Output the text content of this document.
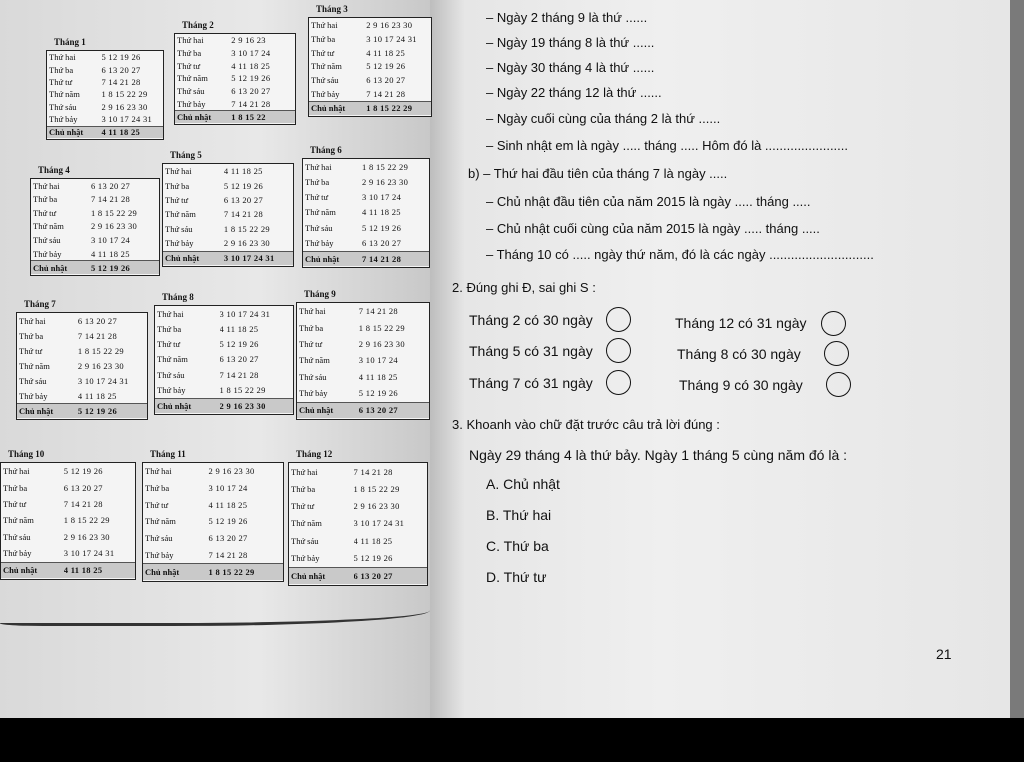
Tháng 1
Thứ hai	5 12 19 26
Thứ ba	6 13 20 27
Thứ tư	7 14 21 28
Thứ năm	1 8 15 22 29
Thứ sáu	2 9 16 23 30
Thứ bảy	3 10 17 24 31
Chủ nhật	4 11 18 25
Tháng 2
Thứ hai	2 9 16 23
Thứ ba	3 10 17 24
Thứ tư	4 11 18 25
Thứ năm	5 12 19 26
Thứ sáu	6 13 20 27
Thứ bảy	7 14 21 28
Chủ nhật	1 8 15 22
Tháng 3
Thứ hai	2 9 16 23 30
Thứ ba	3 10 17 24 31
Thứ tư	4 11 18 25
Thứ năm	5 12 19 26
Thứ sáu	6 13 20 27
Thứ bảy	7 14 21 28
Chủ nhật	1 8 15 22 29
Tháng 4
Thứ hai	6 13 20 27
Thứ ba	7 14 21 28
Thứ tư	1 8 15 22 29
Thứ năm	2 9 16 23 30
Thứ sáu	3 10 17 24
Thứ bảy	4 11 18 25
Chủ nhật	5 12 19 26
Tháng 5
Thứ hai	4 11 18 25
Thứ ba	5 12 19 26
Thứ tư	6 13 20 27
Thứ năm	7 14 21 28
Thứ sáu	1 8 15 22 29
Thứ bảy	2 9 16 23 30
Chủ nhật	3 10 17 24 31
Tháng 6
Thứ hai	1 8 15 22 29
Thứ ba	2 9 16 23 30
Thứ tư	3 10 17 24
Thứ năm	4 11 18 25
Thứ sáu	5 12 19 26
Thứ bảy	6 13 20 27
Chủ nhật	7 14 21 28
Tháng 7
Thứ hai	6 13 20 27
Thứ ba	7 14 21 28
Thứ tư	1 8 15 22 29
Thứ năm	2 9 16 23 30
Thứ sáu	3 10 17 24 31
Thứ bảy	4 11 18 25
Chủ nhật	5 12 19 26
Tháng 8
Thứ hai	3 10 17 24 31
Thứ ba	4 11 18 25
Thứ tư	5 12 19 26
Thứ năm	6 13 20 27
Thứ sáu	7 14 21 28
Thứ bảy	1 8 15 22 29
Chủ nhật	2 9 16 23 30
Tháng 9
Thứ hai	7 14 21 28
Thứ ba	1 8 15 22 29
Thứ tư	2 9 16 23 30
Thứ năm	3 10 17 24
Thứ sáu	4 11 18 25
Thứ bảy	5 12 19 26
Chủ nhật	6 13 20 27
Tháng 10
Thứ hai	5 12 19 26
Thứ ba	6 13 20 27
Thứ tư	7 14 21 28
Thứ năm	1 8 15 22 29
Thứ sáu	2 9 16 23 30
Thứ bảy	3 10 17 24 31
Chủ nhật	4 11 18 25
Tháng 11
Thứ hai	2 9 16 23 30
Thứ ba	3 10 17 24
Thứ tư	4 11 18 25
Thứ năm	5 12 19 26
Thứ sáu	6 13 20 27
Thứ bảy	7 14 21 28
Chủ nhật	1 8 15 22 29
Tháng 12
Thứ hai	7 14 21 28
Thứ ba	1 8 15 22 29
Thứ tư	2 9 16 23 30
Thứ năm	3 10 17 24 31
Thứ sáu	4 11 18 25
Thứ bảy	5 12 19 26
Chủ nhật	6 13 20 27
– Ngày 2 tháng 9 là thứ ......
– Ngày 19 tháng 8 là thứ ......
– Ngày 30 tháng 4 là thứ ......
– Ngày 22 tháng 12 là thứ ......
– Ngày cuối cùng của tháng 2 là thứ ......
– Sinh nhật em là ngày ..... tháng ..... Hôm đó là .......................
b) – Thứ hai đầu tiên của tháng 7 là ngày .....
– Chủ nhật đầu tiên của năm 2015 là ngày ..... tháng .....
– Chủ nhật cuối cùng của năm 2015 là ngày ..... tháng .....
– Tháng 10 có ..... ngày thứ năm, đó là các ngày .............................
2. Đúng ghi Đ, sai ghi S :
Tháng 2 có 30 ngày	Tháng 12 có 31 ngày
Tháng 5 có 31 ngày	Tháng 8 có 30 ngày
Tháng 7 có 31 ngày	Tháng 9 có 30 ngày
3. Khoanh vào chữ đặt trước câu trả lời đúng :
Ngày 29 tháng 4 là thứ bảy. Ngày 1 tháng 5 cùng năm đó là :
A. Chủ nhật
B. Thứ hai
C. Thứ ba
D. Thứ tư
21
